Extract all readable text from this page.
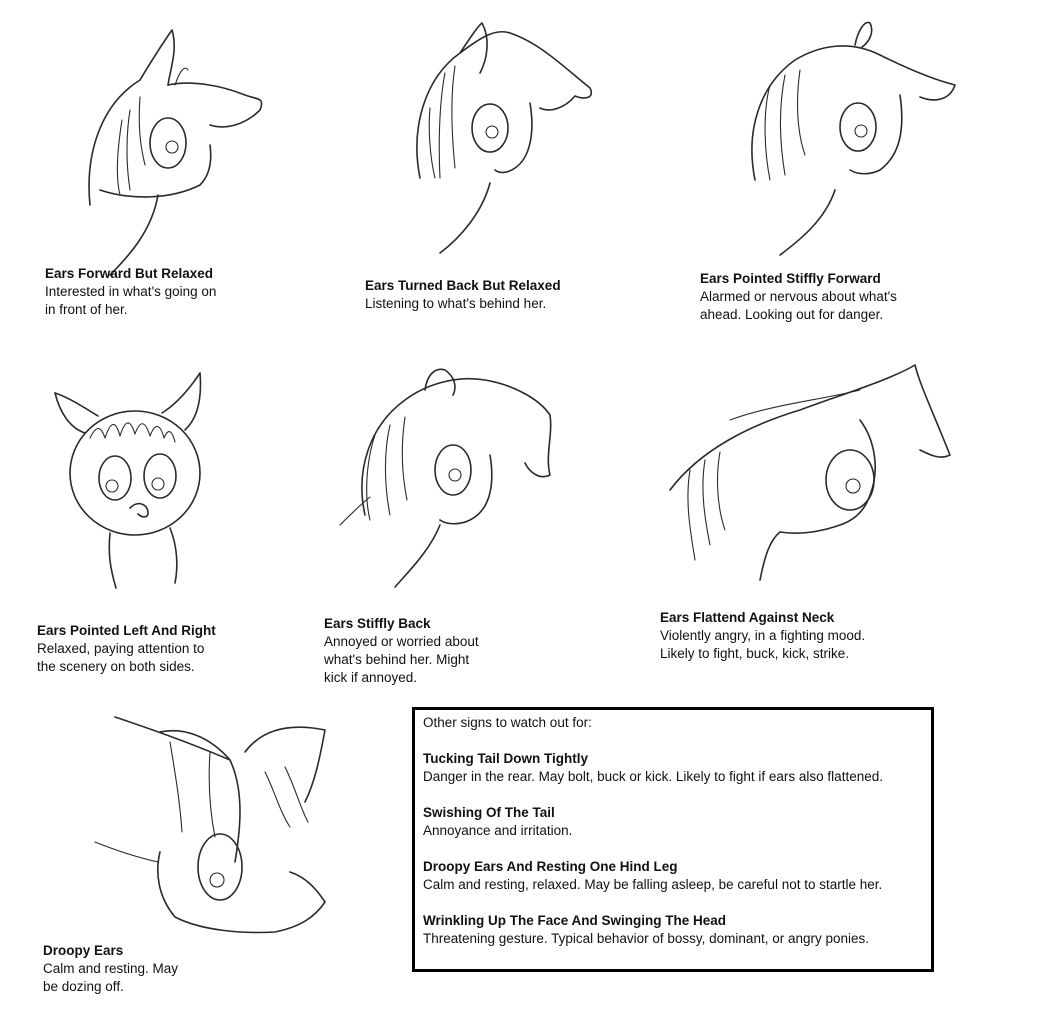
Ears Forward But Relaxed
Interested in what's going on
in front of her.
Ears Turned Back But Relaxed
Listening to what's behind her.
Ears Pointed Stiffly Forward
Alarmed or nervous about what's
ahead. Looking out for danger.
Ears Pointed Left And Right
Relaxed, paying attention to
the scenery on both sides.
Ears Stiffly Back
Annoyed or worried about
what's behind her. Might
kick if annoyed.
Ears Flattend Against Neck
Violently angry, in a fighting mood.
Likely to fight, buck, kick, strike.
Droopy Ears
Calm and resting. May
be dozing off.
Other signs to watch out for:
Tucking Tail Down Tightly
Danger in the rear. May bolt, buck or kick. Likely to fight if ears also flattened.
Swishing Of The Tail
Annoyance and irritation.
Droopy Ears And Resting One Hind Leg
Calm and resting, relaxed. May be falling asleep, be careful not to startle her.
Wrinkling Up The Face And Swinging The Head
Threatening gesture. Typical behavior of bossy, dominant, or angry ponies.
